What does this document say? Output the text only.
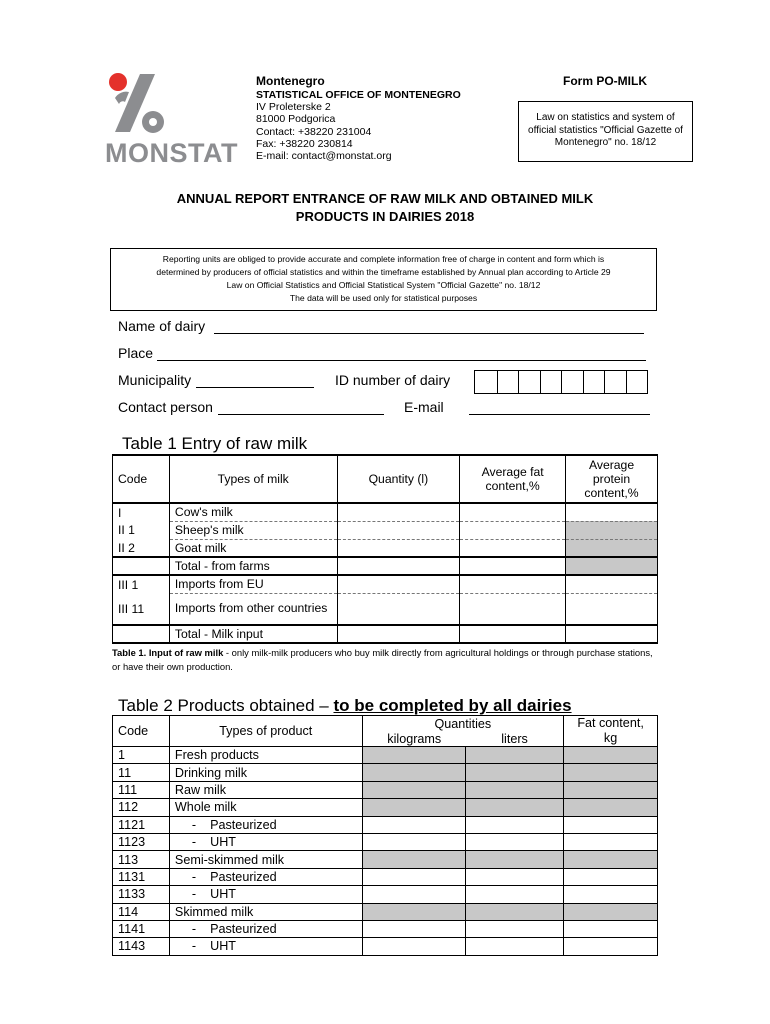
MONSTAT
Montenegro	Form PO-MILK
STATISTICAL OFFICE OF MONTENEGRO
IV Proleterske 2
81000 Podgorica
Contact: +38220 231004
Fax: +38220 230814
E-mail: contact@monstat.org
Law on statistics and system of
official statistics "Official Gazette of
Montenegro" no. 18/12
ANNUAL REPORT ENTRANCE OF RAW MILK AND OBTAINED MILK
PRODUCTS IN DAIRIES 2018
Reporting units are obliged to provide accurate and complete information free of charge in content and form which is
determined by producers of official statistics and within the timeframe established by Annual plan according to Article 29
Law on Official Statistics and Official Statistical System "Official Gazette" no. 18/12
The data will be used only for statistical purposes
Name of dairy
Place
Municipality	ID number of dairy
Contact person	E-mail
Table 1 Entry of raw milk
Code	Types of milk	Quantity (l)	Average fat content,%	Average protein content,%
I	Cow's milk			
II 1	Sheep's milk			
II 2	Goat milk			
	Total - from farms			
III 1	Imports from EU			
III 11	Imports from other countries			
	Total - Milk input			
Table 1. Input of raw milk - only milk-milk producers who buy milk directly from agricultural holdings or through purchase stations, or have their own production.
Table 2 Products obtained – to be completed by all dairies
Code	Types of product	Quantities		Fat content, kg
		kilograms	liters	
1	Fresh products			
11	Drinking milk			
111	Raw milk			
112	Whole milk			
1121	-    Pasteurized			
1123	-    UHT			
113	Semi-skimmed milk			
1131	-    Pasteurized			
1133	-    UHT			
114	Skimmed milk			
1141	-    Pasteurized			
1143	-    UHT			
